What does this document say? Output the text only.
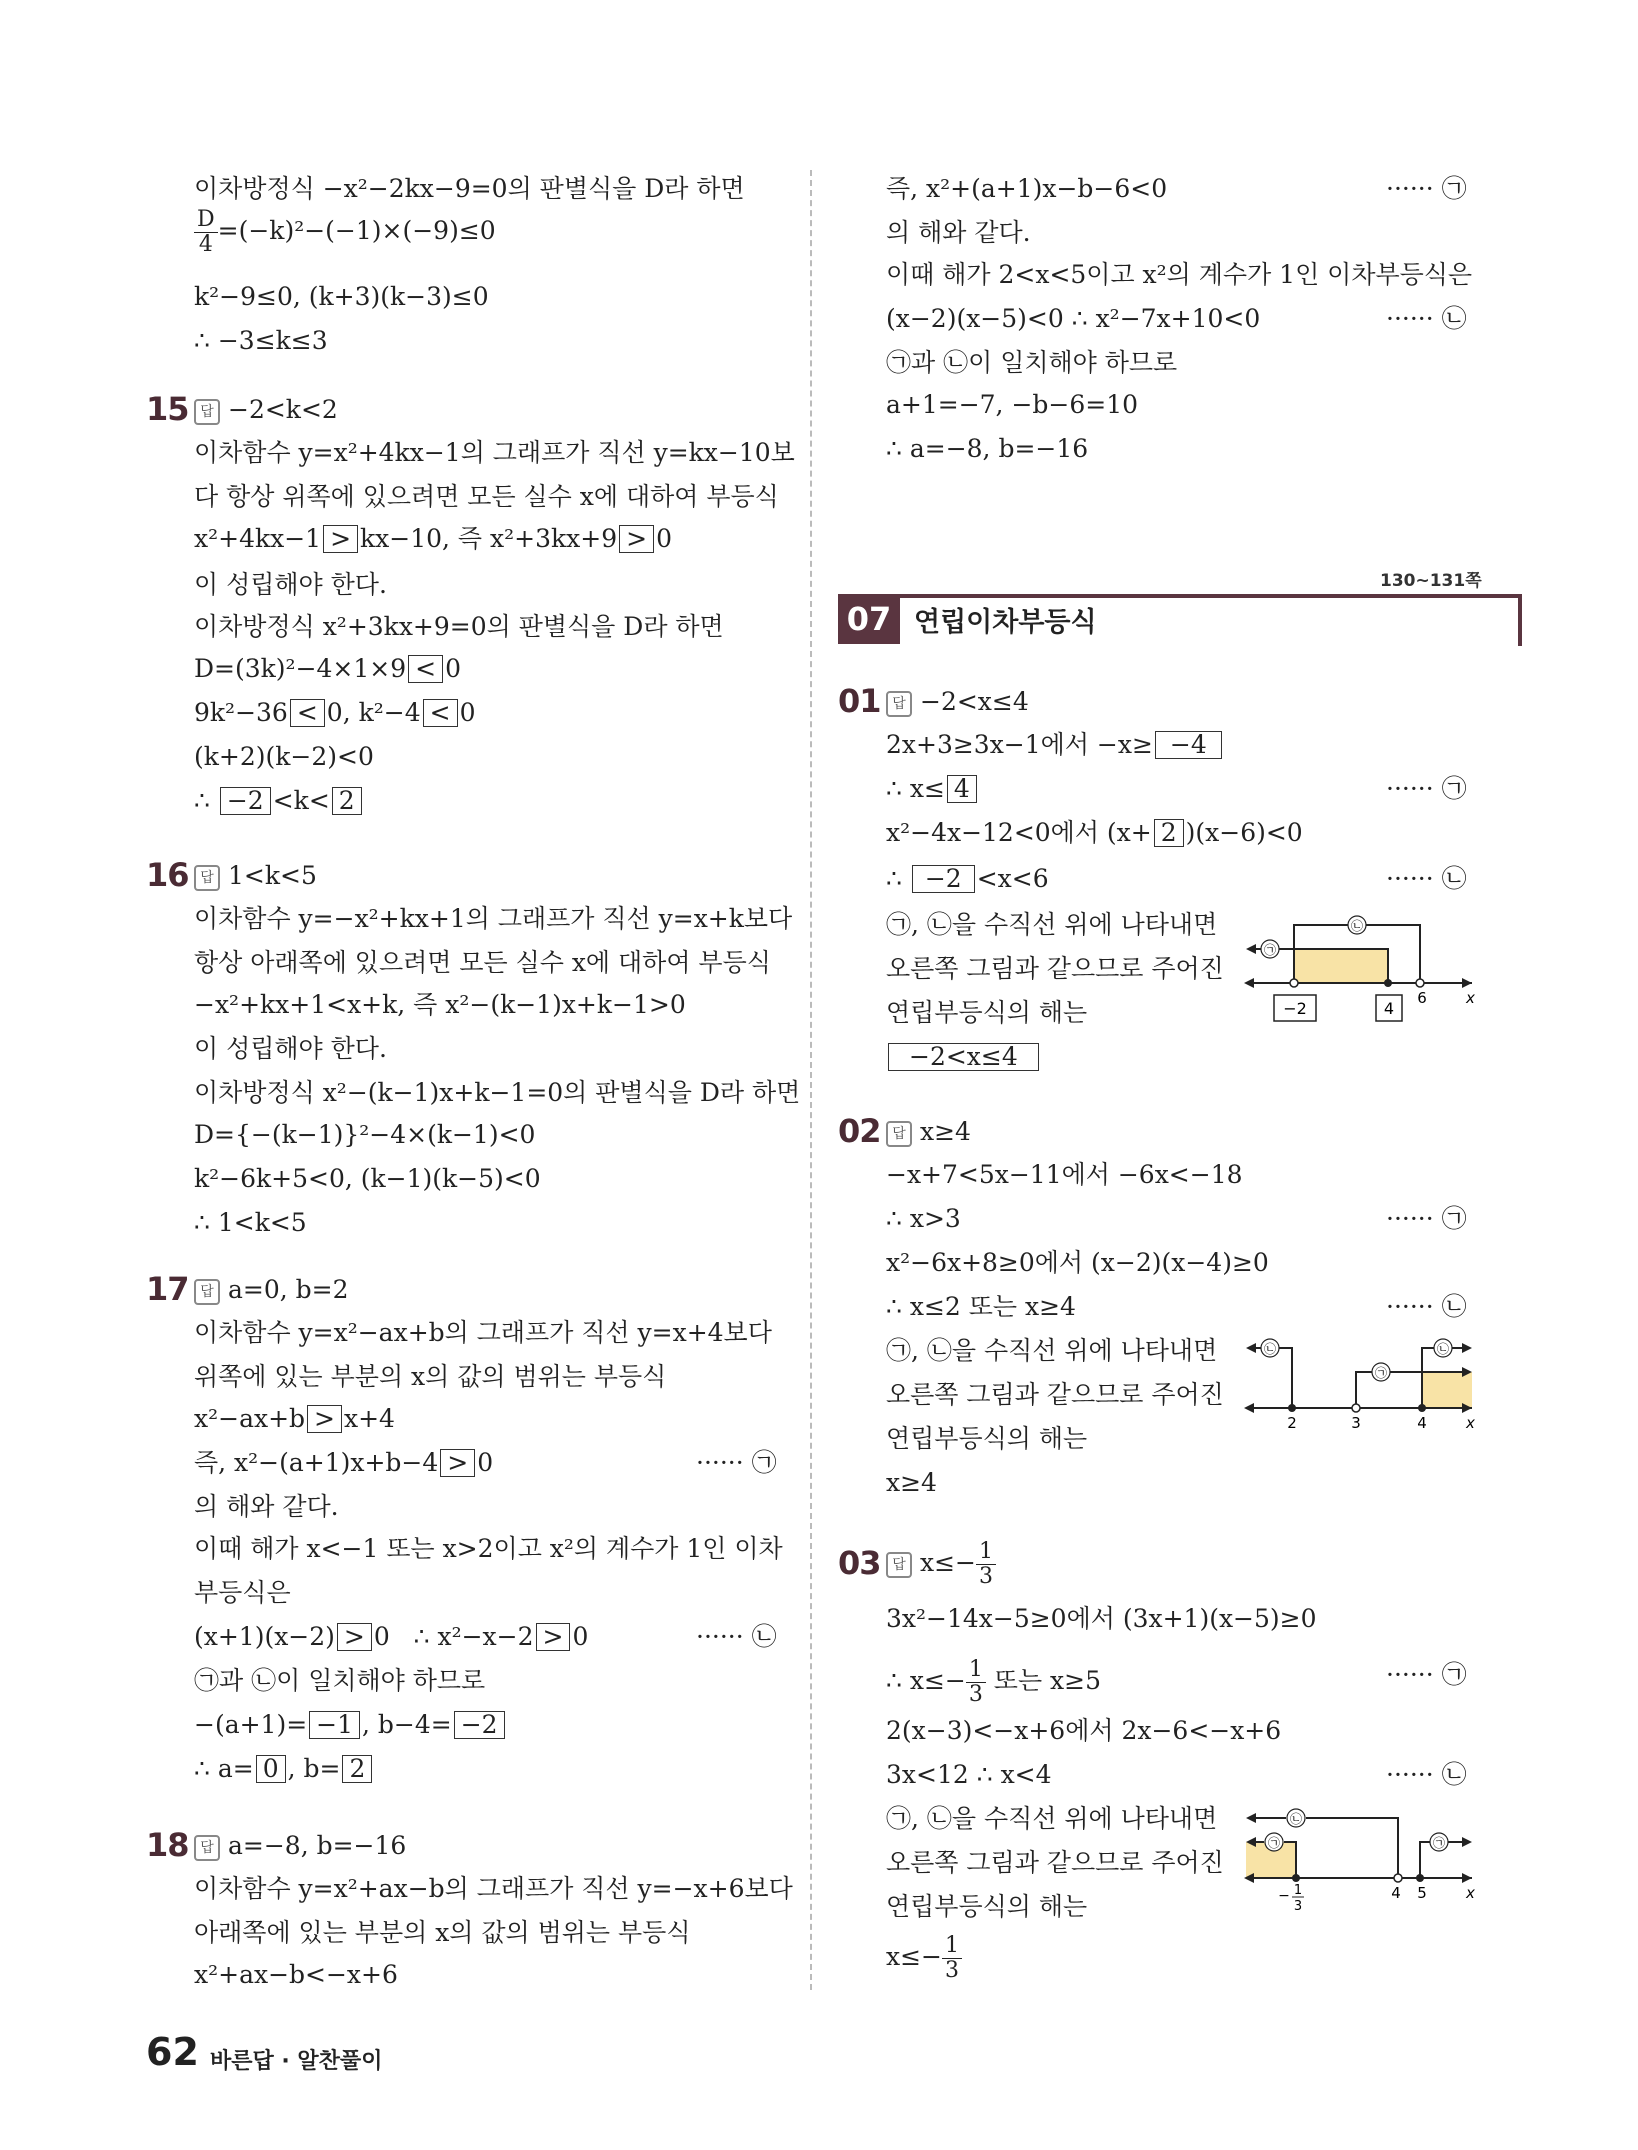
이차방정식 −x²−2kx−9=0의 판별식을 D라 하면
$\frac{D}{4} =(-k)^2-(-1)\times(-9)\le 0$
k²−9≤0, (k+3)(k−3)≤0
∴ −3≤k≤3
15 답 −2<k<2
이차함수 y=x²+4kx−1의 그래프가 직선 y=kx−10보
다 항상 위쪽에 있으려면 모든 실수 x에 대하여 부등식
x²+4kx−1 > kx−10, 즉 x²+3kx+9 > 0
이 성립해야 한다.
이차방정식 x²+3kx+9=0의 판별식을 D라 하면
D=(3k)²−4×1×9 < 0
9k²−36 < 0, k²−4 < 0
(k+2)(k−2)<0
∴ −2 <k< 2
16 답 1<k<5
이차함수 y=−x²+kx+1의 그래프가 직선 y=x+k보다
항상 아래쪽에 있으려면 모든 실수 x에 대하여 부등식
−x²+kx+1<x+k, 즉 x²−(k−1)x+k−1>0
이 성립해야 한다.
이차방정식 x²−(k−1)x+k−1=0의 판별식을 D라 하면
D={−(k−1)}²−4×(k−1)<0
k²−6k+5<0, (k−1)(k−5)<0
∴ 1<k<5
17 답 a=0, b=2
이차함수 y=x²−ax+b의 그래프가 직선 y=x+4보다
위쪽에 있는 부분의 x의 값의 범위는 부등식
x²−ax+b > x+4
즉, x²−(a+1)x+b−4 > 0	······ ㉠
의 해와 같다.
이때 해가 x<−1 또는 x>2이고 x²의 계수가 1인 이차
부등식은
(x+1)(x−2) > 0   ∴ x²−x−2 > 0	······ ㉡
㉠과 ㉡이 일치해야 하므로
−(a+1)= −1 , b−4= −2
∴ a= 0 , b= 2
18 답 a=−8, b=−16
이차함수 y=x²+ax−b의 그래프가 직선 y=−x+6보다
아래쪽에 있는 부분의 x의 값의 범위는 부등식
x²+ax−b<−x+6
즉, x²+(a+1)x−b−6<0	······ ㉠
의 해와 같다.
이때 해가 2<x<5이고 x²의 계수가 1인 이차부등식은
(x−2)(x−5)<0 ∴ x²−7x+10<0	······ ㉡
㉠과 ㉡이 일치해야 하므로
a+1=−7, −b−6=10
∴ a=−8, b=−16
130~131쪽
07 연립이차부등식
01 답 −2<x≤4
2x+3≥3x−1에서 −x≥ −4
∴ x≤ 4	······ ㉠
x²−4x−12<0에서 (x+ 2 )(x−6)<0
∴ −2 <x<6	······ ㉡
㉠, ㉡을 수직선 위에 나타내면
오른쪽 그림과 같으므로 주어진
연립부등식의 해는
−2<x≤4
㉡
㉠
−2	4
6	x
02 답 x≥4
−x+7<5x−11에서 −6x<−18
∴ x>3	······ ㉠
x²−6x+8≥0에서 (x−2)(x−4)≥0
∴ x≤2 또는 x≥4	······ ㉡
㉠, ㉡을 수직선 위에 나타내면
오른쪽 그림과 같으므로 주어진
연립부등식의 해는
x≥4
㉡
㉠
㉡
2	3	4	x
03 답 $x\le- \frac{1}{3}$
3x²−14x−5≥0에서 (3x+1)(x−5)≥0
∴ $x\le- \frac{1}{3}$ 또는 x≥5	······ ㉠
2(x−3)<−x+6에서 2x−6<−x+6
3x<12 ∴ x<4	······ ㉡
㉠, ㉡을 수직선 위에 나타내면
오른쪽 그림과 같으므로 주어진
연립부등식의 해는
$x\le- \frac{1}{3}$
㉡
㉠	㉠
− 1
3
4 5	x
62 바른답 · 알찬풀이
